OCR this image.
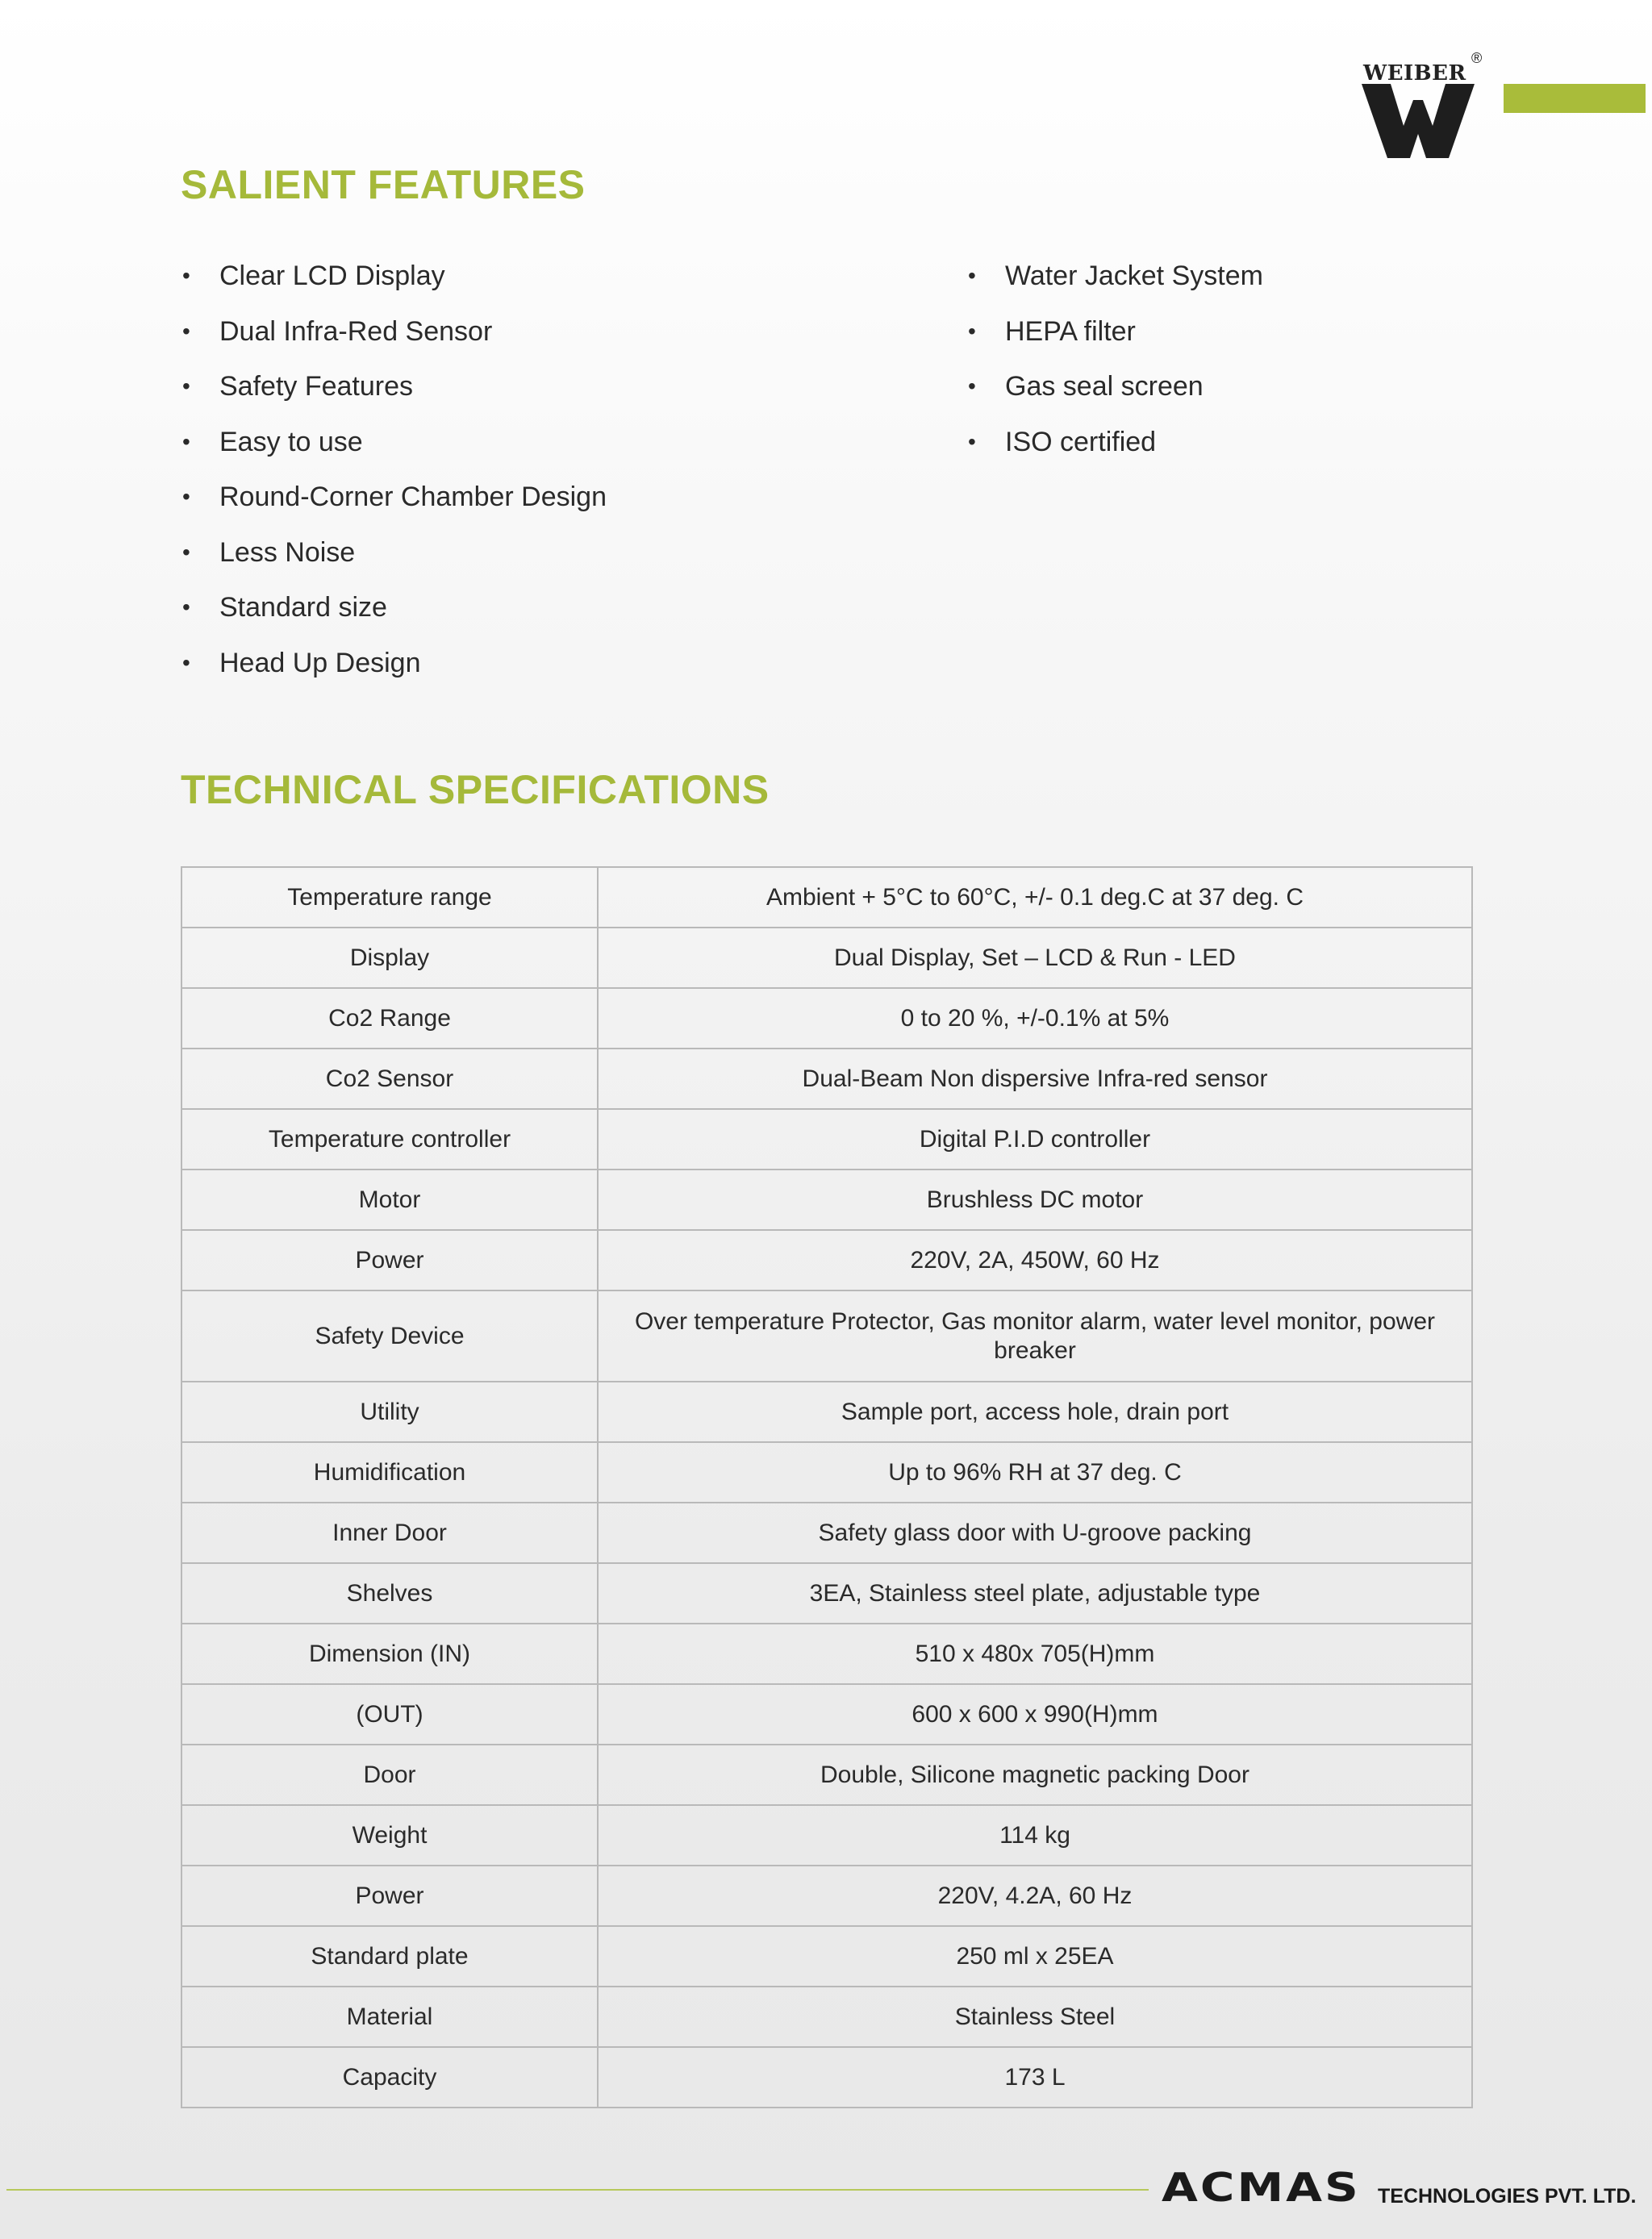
WEIBER
®
SALIENT FEATURES
• Clear LCD Display
• Dual Infra-Red Sensor
• Safety Features
• Easy to use
• Round-Corner Chamber Design
• Less Noise
• Standard size
• Head Up Design
• Water Jacket System
• HEPA filter
• Gas seal screen
• ISO certified
TECHNICAL SPECIFICATIONS
Temperature range	Ambient + 5°C to 60°C, +/- 0.1 deg.C at 37 deg. C
Display	Dual Display, Set – LCD & Run - LED
Co2 Range	0 to 20 %, +/-0.1% at 5%
Co2 Sensor	Dual-Beam Non dispersive Infra-red sensor
Temperature controller	Digital P.I.D controller
Motor	Brushless DC motor
Power	220V, 2A, 450W, 60 Hz
Safety Device	Over temperature Protector, Gas monitor alarm, water level monitor, power breaker
Utility	Sample port, access hole, drain port
Humidification	Up to 96% RH at 37 deg. C
Inner Door	Safety glass door with U-groove packing
Shelves	3EA, Stainless steel plate, adjustable type
Dimension (IN)	510 x 480x 705(H)mm
(OUT)	600 x 600 x 990(H)mm
Door	Double, Silicone magnetic packing Door
Weight	114 kg
Power	220V, 4.2A, 60 Hz
Standard plate	250 ml x 25EA
Material	Stainless Steel
Capacity	173 L
ACMAS TECHNOLOGIES PVT. LTD.
